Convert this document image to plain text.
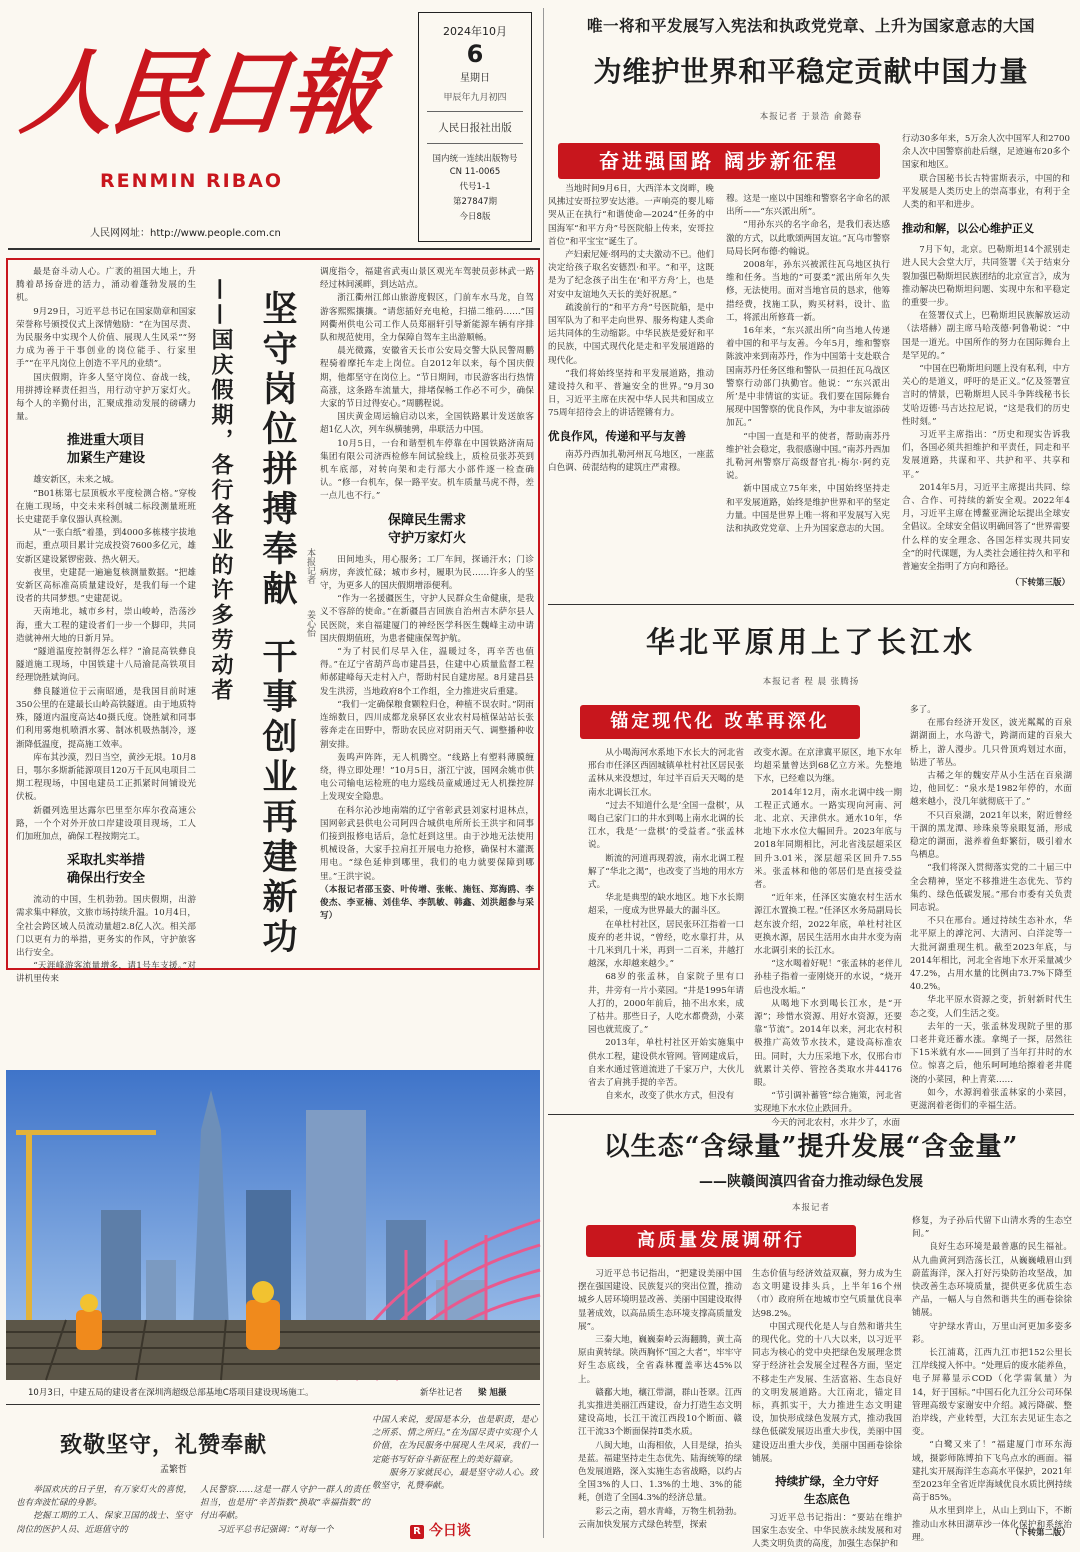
人民日報
RENMIN RIBAO
人民网网址：http://www.people.com.cn
2024年10月
6
星期日
甲辰年九月初四
人民日报社出版
国内统一连续出版物号
CN 11-0065
代号1-1
第27847期
今日8版
唯一将和平发展写入宪法和执政党党章、上升为国家意志的大国
为维护世界和平稳定贡献中国力量
本报记者 于景浩 俞懿春
奋进强国路 阔步新征程

当地时间9月6日，大西洋本文岗畔，晚风拂过安哥拉罗安达港。一声响亮的婴儿啼哭从正在执行“和谐使命—2024”任务的中国海军“和平方舟”号医院船上传来，安哥拉首位“和平宝宝”诞生了。

产妇索尼娅·纲玛的丈夫激动不已。他们决定给孩子取名安德烈·和平。“和平，这既是为了纪念孩子出生在‘和平方舟’上，也是对安中友谊地久天长的美好祝愿。”

疏浚前行的“和平方舟”号医院船，是中国军队为了和平走向世界、服务构建人类命运共同体的生动缩影。中华民族是爱好和平的民族，中国式现代化是走和平发展道路的现代化。

“我们将始终坚持和平发展道路，推动建设持久和平、普遍安全的世界。”9月30日，习近平主席在庆祝中华人民共和国成立75周年招待会上的讲话铿锵有力。

优良作风，传递和平与友善

南苏丹西加扎勒河州瓦乌地区，一座蓝白色调、砖混结构的建筑庄严肃穆。

穆。这是一座以中国维和警察名字命名的派出所——“东兴派出所”。

“用孙东兴的名字命名，是我们表达感激的方式，以此歌颂两国友谊。”瓦乌市警察局局长阿布德·约翰说。

2008年，孙东兴被派往瓦乌地区执行维和任务。当地的“可耍柔”派出所年久失修，无法使用。面对当地官员的恳求，他筹措经费，找施工队，购买材料，设计、监工，将派出所修葺一新。

16年来，“东兴派出所”向当地人传递着中国的和平与友善。今年5月，维和警察陈波冲来到南苏丹，作为中国第十支赴联合国南苏丹任务区维和警队一员担任瓦乌战区警察行动部门执勤官。他说：“‘东兴派出所’是中非情谊的实证。我们要在国际舞台展现中国警察的优良作风，为中非友谊添砖加瓦。”

“中国一直是和平的使者，帮助南苏丹维护社会稳定，我很感谢中国。”南苏丹西加扎勒河州警察厅高级督官扎·梅尔·阿约克说。

新中国成立75年来，中国始终坚持走和平发展道路，始终是维护世界和平的坚定力量。中国是世界上唯一将和平发展写入宪法和执政党党章、上升为国家意志的大国。

行动30多年来，5万余人次中国军人和2700余人次中国警察前赴后继，足迹遍布20多个国家和地区。

联合国秘书长古特雷斯表示，中国的和平发展是人类历史上的崇高事业，有利于全人类的和平和进步。

推动和解，以公心维护正义

7月下旬，北京。巴勒斯坦14个派别走进人民大会堂大厅，共同签署《关于结束分裂加强巴勒斯坦民族团结的北京宣言》，成为推动解决巴勒斯坦问题、实现中东和平稳定的重要一步。

在签署仪式上，巴勒斯坦民族解放运动（法塔赫）副主席马哈茂德·阿鲁勒说：“中国是一道光。中国所作的努力在国际舞台上是罕见的。”

“中国在巴勒斯坦问题上没有私利，中方关心的是道义，呼吁的是正义。”亿及签署宣言时的情景，巴勒斯坦人民斗争阵线秘书长艾哈迈德·马吉达拉尼说，“这是我们的历史性时刻。”

习近平主席指出：“历史和现实告诉我们，各国必须共担维护和平责任，同走和平发展道路，共谋和平、共护和平、共享和平。”

2014年5月，习近平主席提出共同、综合、合作、可持续的新安全观。2022年4月，习近平主席在博鳌亚洲论坛提出全球安全倡议。全球安全倡议明确回答了“世界需要什么样的安全理念、各国怎样实现共同安全”的时代课题，为人类社会通往持久和平和普遍安全指明了方向和路径。

（下转第三版）

最是奋斗动人心。广袤的祖国大地上，升腾着昂扬奋进的活力，涌动着蓬勃发展的生机。

9月29日，习近平总书记在国家勋章和国家荣誉称号颁授仪式上深情勉励：“在为国尽责、为民服务中实现个人价值、展现人生风采”“努力成为善于干事创业的岗位能手、行家里手”“在平凡岗位上创造不平凡的业绩”。

国庆假期，许多人坚守岗位、奋战一线，用拼搏诠释责任担当，用行动守护万家灯火。每个人的辛勤付出，汇聚成推动发展的磅礴力量。

推进重大项目
加紧生产建设

雄安新区，未来之城。

“B01栋第七层顶板水平度检测合格。”穿梭在施工现场，中交未来科创城二标段测量班班长史建琵手拿仪器认真检测。

从“一张白纸”着墨，到4000多栋楼宇拔地而起，重点项目累计完成投资7600多亿元，雄安新区建设紧锣密鼓、热火朝天。

夜里，史建琵一遍遍复核测量数据。“把雄安新区高标准高质量建设好，是我们每一个建设者的共同梦想。”史建琵说。

天南地北，城市乡村，崇山峻岭，浩荡沙海，重大工程的建设者们一步一个脚印，共同造就神州大地的日新月异。

“隧道温度控制得怎么样？”渝昆高铁彝良隧道施工现场，中国铁建十八局渝昆高铁项目经理饶胜斌询问。

彝良隧道位于云南昭通，是我国目前时速350公里的在建最长山岭高铁隧道。由于地质特殊，隧道内温度高达40摄氏度。饶胜斌和同事们利用雾炮机喷洒水雾、制冰机吸热制冷，逐渐降低温度，提高施工效率。

库布其沙漠，烈日当空，黄沙无垠。10月8日，鄂尔多斯新能源项目120万千瓦风电项目二期工程现场，中国电建员工正抓紧时间铺设光伏板。

新疆列选里达露尔巴里至尔库尔孜高速公路，一个个对外开放口岸建设项目现场，工人们加班加点，确保工程按期完工。

采取扎实举措
确保出行安全

流动的中国，生机勃勃。国庆假期，出游需求集中释放，文旅市场持续升温。10月4日，全社会跨区域人员流动量超2.8亿人次。相关部门以更有力的举措，更务实的作风，守护旅客出行安全。

“天涯峰游客流量增多，请1号车支援。”对讲机里传来

——国庆假期，各行各业的许多劳动者 坚守岗位拼搏奉献
干事创业再建新功
本报记者
姜心怡

调度指令，福建省武夷山景区观光车驾驶员彭林武一路经过林间溪畔，到达站点。

浙江衢州江郎山旅游度假区，门前车水马龙，自驾游客熙熙攘攘。“请您插好充电枪，扫描二维码……”国网衢州供电公司工作人员郑丽轩引导新能源车辆有序排队和规范使用，全力保障自驾车主出游顺畅。

晨光微露，安徽省天长市公安局交警大队民警周鹏程骑着摩托车走上岗位。自2012年以来，每个国庆假期，他都坚守在岗位上。“节日期间，市民游客出行热情高涨，这条路车流量大，排堵保畅工作必不可少，确保大家的节日过得安心。”周鹏程说。

国庆黄金周运输启动以来，全国铁路累计发送旅客超1亿人次，列车纵横驰骋，串联活力中国。

10月5日，一台和谐型机车停靠在中国铁路济南局集团有限公司济西检修车间试验线上，质检员张苏英到机车底部，对转向架和走行部大小部件逐一检查确认。“修一台机车，保一路平安。机车质量马虎不得，差一点儿也不行。”

保障民生需求
守护万家灯火

田间地头，用心服务；工厂车间，探诵汗水；门诊病房，奔波忙碌；城市乡村，履职为民……许多人的坚守，为更多人的国庆假期增添便利。

“作为一名援疆医生，守护人民群众生命健康，是我义不容辞的使命。”在新疆昌吉回族自治州吉木萨尔县人民医院，来自福建厦门的神经医学科医生魏峰主动申请国庆假期值班，为患者健康保驾护航。

“为了村民们尽早入住，温暖过冬，再辛苦也值得。”在辽宁省葫芦岛市建昌县，住建中心质量监督工程师郝建峰每天走村入户，帮助村民自建房屋。8月建昌县发生洪涝，当地政府8个工作组，全力推进灾后重建。

“我们一定确保粮食颗粒归仓，种植不误农时。”阴雨连绵数日，四川成都龙泉驿区农业农村局植保站站长张蓉奔走在田野中，帮助农民应对阴雨天气、调整播种收割安排。

轰鸣声阵阵，无人机腾空。“线路上有塑料薄膜缠绕，得立即处理！”10月5日，浙江宁波，国网余姚市供电公司输电运检班的电力巡线员童威通过无人机操控屏上发现安全隐患。

在科尔沁沙地南端的辽宁省彰武县刘家村退林点，国网彰武县供电公司阿四合城供电所所长王洪宇和同事们接到报修电话后，急忙赶到这里。由于沙地无法使用机械设备，大家手拉肩扛开展电力抢修，确保村木灌溉用电。“绿色延伸到哪里，我们的电力就要保障到哪里。”王洪宇说。

（本报记者邵玉姿、叶传增、张帐、施钰、郑海鸥、李俊杰、李亚楠、刘佳华、李凯敏、韩鑫、刘洪超参与采写）

10月3日，中建五局的建设者在深圳湾超级总部基地C塔项目建设现场施工。	新华社记者	梁 旭摄
致敬坚守，礼赞奉献
孟繁哲

举国欢庆的日子里，有万家灯火的喜悦，也有奔波忙碌的身影。

挖掘工期的工人、保家卫国的战士、坚守岗位的医护人员、近逛值守的

人民警察……这是一群人守护一群人的责任担当，也是用“辛苦指数”换取“幸福指数”的付出奉献。

习近平总书记强调：“对每一个

中国人来说，爱国是本分，也是职责，是心之所系、情之所归。”在为国尽责中实现个人价值，在为民服务中展现人生风采，我们一定能书写好奋斗新征程上的美好篇章。

服务万家就民心，最是坚守动人心。致敬坚守，礼赞奉献。

R 今日谈
华北平原用上了长江水
本报记者 程 晨 张腾扬
锚定现代化 改革再深化

从小喝海河水系地下水长大的河北省邢台市任泽区西固城镇单杜村社区居民张孟林从来没想过，年过半百后天天喝的是南水北调长江水。

“过去不知道什么是‘全国一盘棋’，从喝自己家门口的井水到喝上南水北调的长江水，我是‘一盘棋’的受益者。”张孟林说。

断流的河道再现碧波，南水北调工程解了“华北之渴”，也改变了当地的用水方式。

华北是典型的缺水地区。地下水长期超采，一度成为世界最大的漏斗区。

在单杜村社区，居民张环江指着一口废弃的老井说，“曾经，吃水靠打井，从十几米到几十米，再到一二百米，井越打越深，水却越来越少。”

68岁的张孟林，自家院子里有口井，井旁有一片小菜园。“井是1995年请人打的，2000年前后，抽不出水来，成了枯井。那些日子，人吃水都费劲，小菜园也就荒废了。”

2013年，单杜村社区开始实施集中供水工程，建设供水管网。管网建成后，自来水通过管道流进了千家万户，大伙儿省去了肩挑手提的辛苦。

自来水，改变了供水方式，但没有

改变水源。在京津冀平原区，地下水年均超采量曾达到68亿立方米。先整地下水，已经难以为继。

2014年12月，南水北调中线一期工程正式通水。一路实现向河南、河北、北京、天津供水。通水10年，华北地下水水位大幅回升。2023年底与2018年同期相比，河北省浅层超采区回升3.01米，深层超采区回升7.55米。张孟林和他的邻居们是直接受益者。

“近年来，任泽区实施农村生活水源江水置换工程。”任泽区水务局副局长赵东波介绍，2022年底，单杜村社区更换水源，居民生活用水由井水变为南水北调引来的长江水。

“这水喝着好呢！”张孟林的老伴儿孙桂子指着一壶刚烧开的水说，“烧开后也没水垢。”

从喝地下水到喝长江水，是“开源”；珍惜水资源、用好水资源，还要靠“节流”。2014年以来，河北农村积极推广高效节水技术，建设高标准农田。同时，大力压采地下水，仅邢台市就累计关停、管控各类取水井44176眼。

“节引调补蓄管”综合施策，河北省实现地下水水位止跌回升。

今天的河北农村，水井少了，水面

多了。

在邢台经济开发区，波光粼粼的百泉湖湖面上，水鸟游弋，跨湖而建的百泉大桥上，游人漫步。几只骨顶鸡划过水面，钻进了苇丛。

古稀之年的魏安芹从小生活在百泉湖边，他回忆：“泉水是1982年停的，水面越来越小，没几年就彻底干了。”

不只百泉湖，2021年以来，附近曾经干涸的黑龙潭、珍珠泉等泉眼复涌，形成稳定的湖面，滋养着鱼虾繁衍，吸引着水鸟栖息。

“我们将深入贯彻落实党的二十届三中全会精神，坚定不移推进生态优先、节约集约、绿色低碳发展。”邢台市委有关负责同志说。

不只在邢台。通过持续生态补水，华北平原上的滹沱河、大清河、白洋淀等一大批河湖重现生机。截至2023年底，与2014年相比，河北全省地下水开采量减少47.2%，占用水量的比例由73.7%下降至40.2%。

华北平原水资源之变，折射新时代生态之变，人们生活之变。

去年的一天，张孟林发现院子里的那口老井竟还蓄水涨。拿绳子一探，居然往下15米就有水——回到了当年打井时的水位。惊喜之后，他乐呵呵地给擦着老井爬浇的小菜园，种上青菜……

如今，水源润着张孟林家的小菜园，更滋润着老街们的幸福生活。

以生态“含绿量”提升发展“含金量”
——陕赣闽滇四省奋力推动绿色发展
本报记者
高质量发展调研行

习近平总书记指出，“把建设美丽中国摆在强国建设、民族复兴的突出位置，推动城乡人居环境明显改善、美丽中国建设取得显著成效，以高品质生态环境支撑高质量发展”。

三秦大地，巍巍秦岭云海翻腾，黄土高原由黄转绿。陕西胸怀“国之大者”，牢牢守好生态底线，全省森林覆盖率达45%以上。

赣鄱大地，穰江带湖，群山苍翠。江西扎实推进美丽江西建设，奋力打造生态文明建设高地，长江干流江西段10个断面、赣江干流33个断面保持Ⅱ类水质。

八闽大地，山海相依，人目是绿，抬头是蓝。福建坚持走生态优先、陆海统筹的绿色发展道路，深入实施生态省战略，以约占全国3%的人口、1.3%的土地、3%的能耗，创造了全国4.3%的经济总量。

彩云之南，碧水青峰，万物生机勃勃。云南加快发展方式绿色转型，探索

生态价值与经济效益双赢，努力成为生态文明建设排头兵，上半年16个州（市）政府所在地城市空气质量优良率达98.2%。

中国式现代化是人与自然和谐共生的现代化。党的十八大以来，以习近平同志为核心的党中央把绿色发展理念贯穿于经济社会发展全过程各方面，坚定不移走生产发展、生活富裕、生态良好的文明发展道路。大江南北，锚定目标，真抓实干，大力推进生态文明建设，加快形成绿色发展方式，推动我国绿色低碳发展迈出重大步伐，美丽中国建设迈出重大步伐，美丽中国画卷徐徐铺展。

持续扩绿，全力守好
生态底色

习近平总书记指出：“要站在维护国家生态安全、中华民族永续发展和对人类文明负责的高度，加强生态保护和

修复，为子孙后代留下山清水秀的生态空间。”

良好生态环境是最普惠的民生福祉。从九曲黄河到浩荡长江，从巍巍峨眉山到蔚蓝海洋，深入打好污染防治攻坚战，加快改善生态环境质量，提供更多优质生态产品，一幅人与自然和谐共生的画卷徐徐铺展。

守护绿水青山，万里山河更加多姿多彩。

长江浦葛，江西九江市把152公里长江岸线搅入怀中。“处理后的废水能养鱼，电子屏幕显示COD（化学需氧量）为14，好于国标。”中国石化九江分公司环保管理高级专家谢安中介绍。减污降碳、整治岸线，产业转型，大江东去见证生态之变。

“白鹭又来了！”福建厦门市环东海域，摄影师陈博拍下飞鸟点水的画面。福建扎实开展海洋生态高水平保护，2021年至2023年全省近岸海域优良水质比例持续高于85%。

从水里到岸上，从山上到山下，不断推动山水林田湖草沙一体化保护和系统治理。	（下转第二版）
